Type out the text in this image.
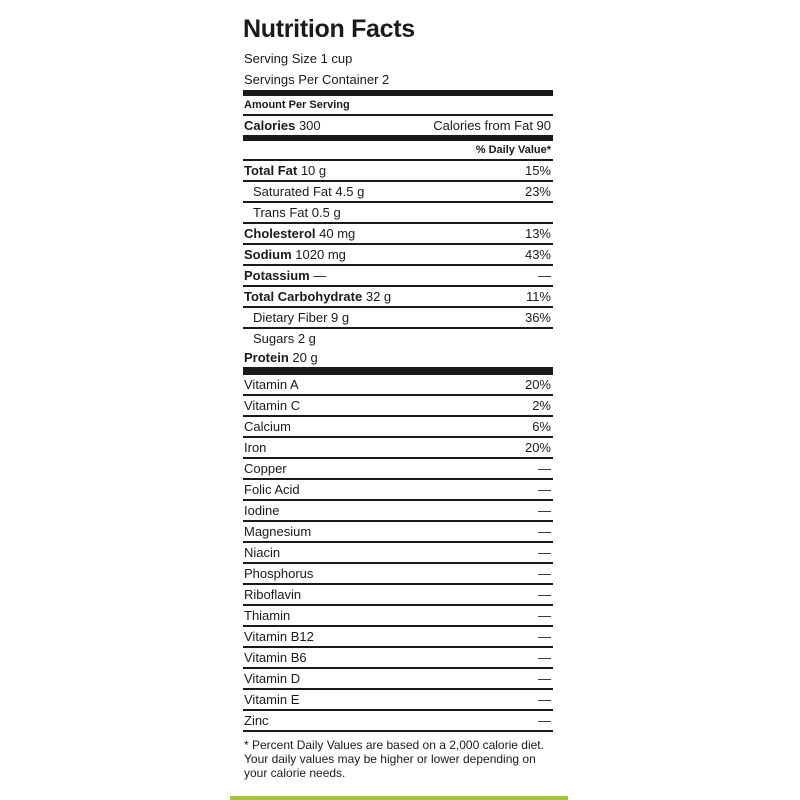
Nutrition Facts
Serving Size 1 cup
Servings Per Container 2
Amount Per Serving
Calories 300	Calories from Fat 90
% Daily Value*
Total Fat 10 g	15%
Saturated Fat 4.5 g	23%
Trans Fat 0.5 g
Cholesterol 40 mg	13%
Sodium 1020 mg	43%
Potassium —	—
Total Carbohydrate 32 g	11%
Dietary Fiber 9 g	36%
Sugars 2 g
Protein 20 g
Vitamin A	20%
Vitamin C	2%
Calcium	6%
Iron	20%
Copper	—
Folic Acid	—
Iodine	—
Magnesium	—
Niacin	—
Phosphorus	—
Riboflavin	—
Thiamin	—
Vitamin B12	—
Vitamin B6	—
Vitamin D	—
Vitamin E	—
Zinc	—
* Percent Daily Values are based on a 2,000 calorie diet. Your daily values may be higher or lower depending on your calorie needs.
